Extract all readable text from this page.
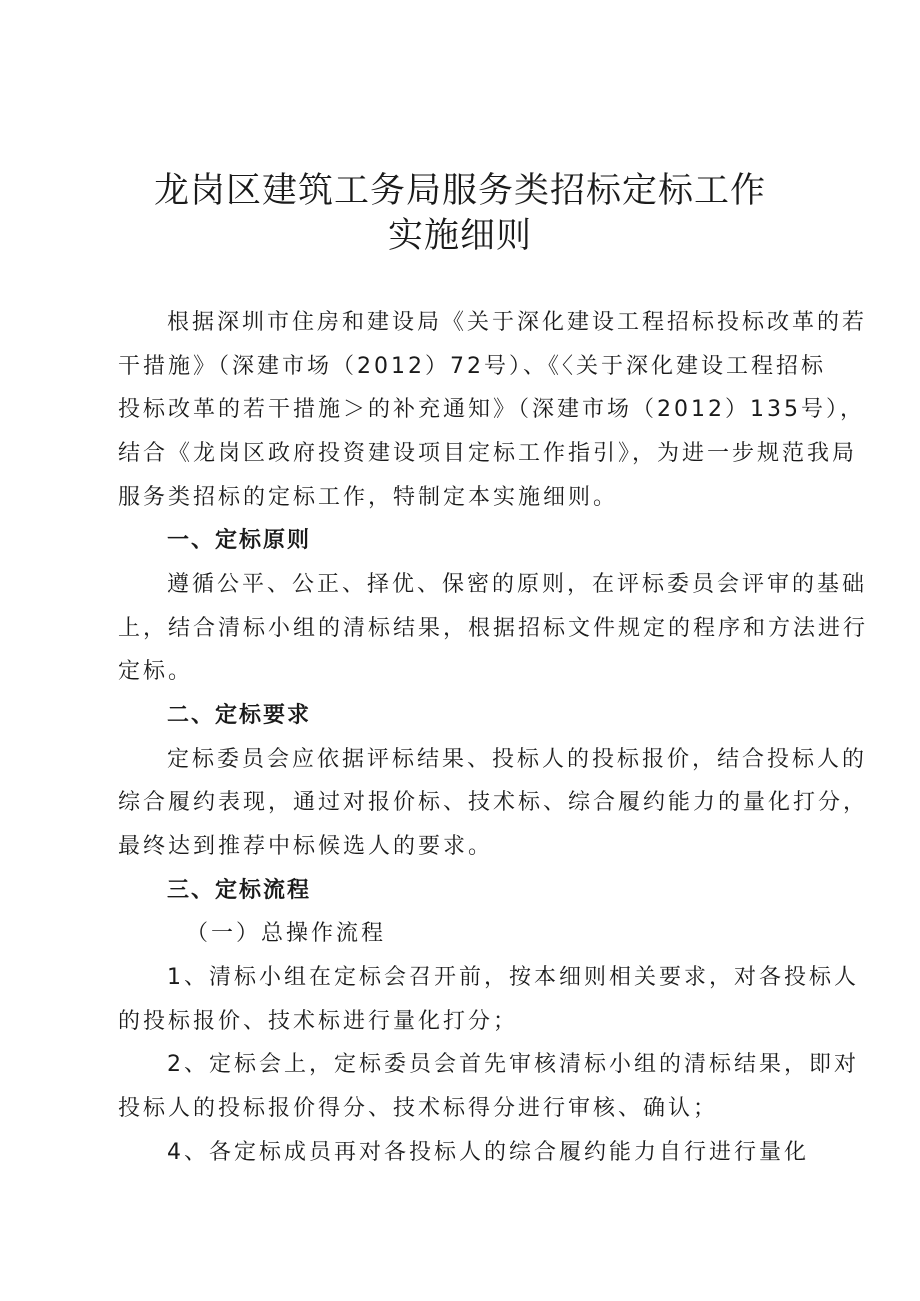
龙岗区建筑工务局服务类招标定标工作
实施细则
根据深圳市住房和建设局《关于深化建设工程招标投标改革的若
干措施》（深建市场（2012）72号）、《〈关于深化建设工程招标
投标改革的若干措施＞的补充通知》（深建市场（2012）135号），
结合《龙岗区政府投资建设项目定标工作指引》，为进一步规范我局
服务类招标的定标工作，特制定本实施细则。
一、定标原则
遵循公平、公正、择优、保密的原则，在评标委员会评审的基础
上，结合清标小组的清标结果，根据招标文件规定的程序和方法进行
定标。
二、定标要求
定标委员会应依据评标结果、投标人的投标报价，结合投标人的
综合履约表现，通过对报价标、技术标、综合履约能力的量化打分，
最终达到推荐中标候选人的要求。
三、定标流程
（一）总操作流程
1、清标小组在定标会召开前，按本细则相关要求，对各投标人
的投标报价、技术标进行量化打分；
2、定标会上，定标委员会首先审核清标小组的清标结果，即对
投标人的投标报价得分、技术标得分进行审核、确认；
4、各定标成员再对各投标人的综合履约能力自行进行量化
